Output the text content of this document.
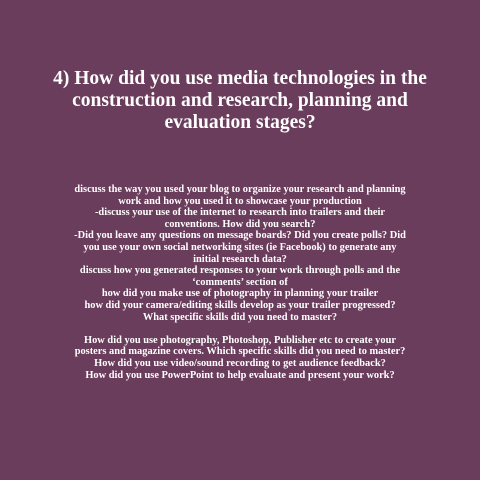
4) How did you use media technologies in the
construction and research, planning and
evaluation stages?
discuss the way you used your blog to organize your research and planning
work and how you used it to showcase your production
-discuss your use of the internet to research into trailers and their
conventions. How did you search?
-Did you leave any questions on message boards? Did you create polls? Did
you use your own social networking sites (ie Facebook) to generate any
initial research data?
discuss how you generated responses to your work through polls and the
‘comments’ section of
how did you make use of photography in planning your trailer
how did your camera/editing skills develop as your trailer progressed?
What specific skills did you need to master?
How did you use photography, Photoshop, Publisher etc to create your
posters and magazine covers. Which specific skills did you need to master?
How did you use video/sound recording to get audience feedback?
How did you use PowerPoint to help evaluate and present your work?
